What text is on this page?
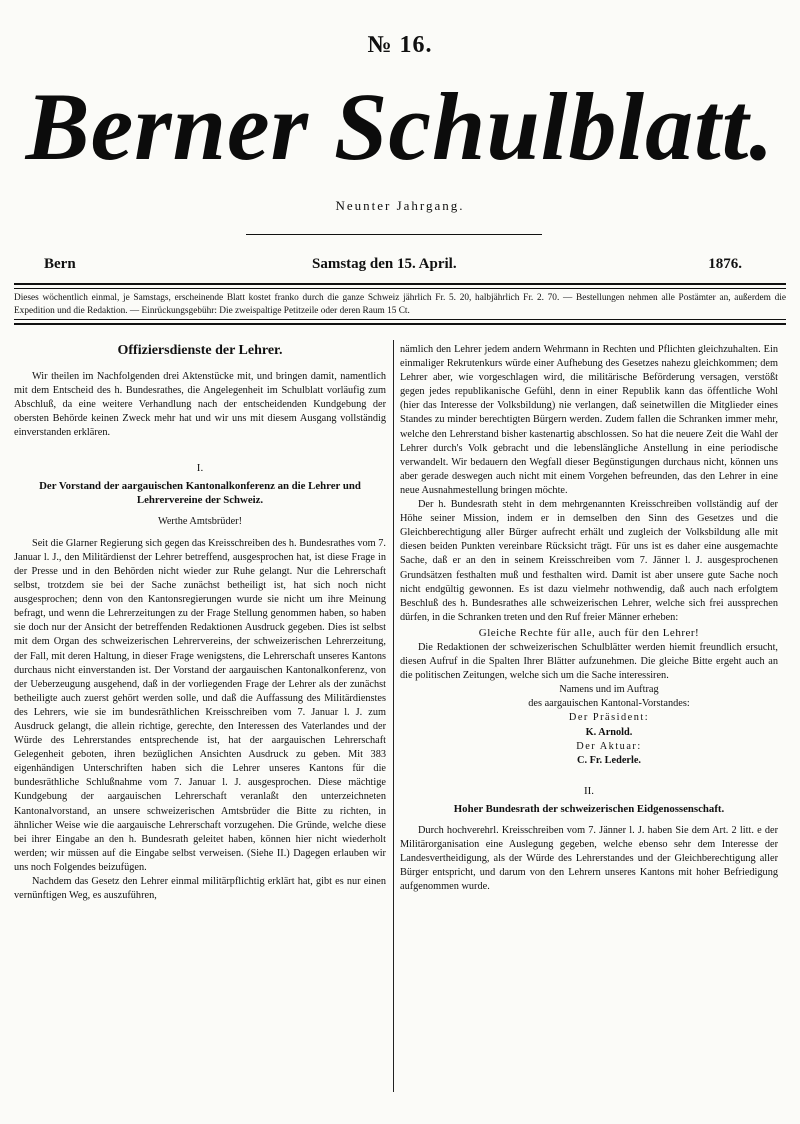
№ 16.
Berner Schulblatt.
Neunter Jahrgang.
Bern	Samstag den 15. April.	1876.
Dieses wöchentlich einmal, je Samstags, erscheinende Blatt kostet franko durch die ganze Schweiz jährlich Fr. 5. 20, halbjährlich Fr. 2. 70. — Bestellungen nehmen alle Postämter an, außerdem die Expedition und die Redaktion. — Einrückungsgebühr: Die zweispaltige Petitzeile oder deren Raum 15 Ct.
Offiziersdienste der Lehrer.

Wir theilen im Nachfolgenden drei Aktenstücke mit, und bringen damit, namentlich mit dem Entscheid des h. Bundesrathes, die Angelegenheit im Schulblatt vorläufig zum Abschluß, da eine weitere Verhandlung nach der entscheidenden Kundgebung der obersten Behörde keinen Zweck mehr hat und wir uns mit diesem Ausgang vollständig einverstanden erklären.

I.
Der Vorstand der aargauischen Kantonalkonferenz an die Lehrer und Lehrervereine der Schweiz.
Werthe Amtsbrüder!

Seit die Glarner Regierung sich gegen das Kreisschreiben des h. Bundesrathes vom 7. Januar l. J., den Militärdienst der Lehrer betreffend, ausgesprochen hat, ist diese Frage in der Presse und in den Behörden nicht wieder zur Ruhe gelangt. Nur die Lehrerschaft selbst, trotzdem sie bei der Sache zunächst betheiligt ist, hat sich noch nicht ausgesprochen; denn von den Kantonsregierungen wurde sie nicht um ihre Meinung befragt, und wenn die Lehrerzeitungen zu der Frage Stellung genommen haben, so haben sie doch nur der Ansicht der betreffenden Redaktionen Ausdruck gegeben. Dies ist selbst mit dem Organ des schweizerischen Lehrervereins, der schweizerischen Lehrerzeitung, der Fall, mit deren Haltung, in dieser Frage wenigstens, die Lehrerschaft unseres Kantons durchaus nicht einverstanden ist. Der Vorstand der aargauischen Kantonalkonferenz, von der Ueberzeugung ausgehend, daß in der vorliegenden Frage der Lehrer als der zunächst betheiligte auch zuerst gehört werden solle, und daß die Auffassung des Militärdienstes des Lehrers, wie sie im bundesräthlichen Kreisschreiben vom 7. Januar l. J. zum Ausdruck gelangt, die allein richtige, gerechte, den Interessen des Vaterlandes und der Würde des Lehrerstandes entsprechende ist, hat der aargauischen Lehrerschaft Gelegenheit geboten, ihren bezüglichen Ansichten Ausdruck zu geben. Mit 383 eigenhändigen Unterschriften haben sich die Lehrer unseres Kantons für die bundesräthliche Schlußnahme vom 7. Januar l. J. ausgesprochen. Diese mächtige Kundgebung der aargauischen Lehrerschaft veranlaßt den unterzeichneten Kantonalvorstand, an unsere schweizerischen Amtsbrüder die Bitte zu richten, in ähnlicher Weise wie die aargauische Lehrerschaft vorzugehen. Die Gründe, welche diese bei ihrer Eingabe an den h. Bundesrath geleitet haben, können hier nicht wiederholt werden; wir müssen auf die Eingabe selbst verweisen. (Siehe II.) Dagegen erlauben wir uns noch Folgendes beizufügen.

Nachdem das Gesetz den Lehrer einmal militärpflichtig erklärt hat, gibt es nur einen vernünftigen Weg, es auszuführen,

nämlich den Lehrer jedem andern Wehrmann in Rechten und Pflichten gleichzuhalten. Ein einmaliger Rekrutenkurs würde einer Aufhebung des Gesetzes nahezu gleichkommen; dem Lehrer aber, wie vorgeschlagen wird, die militärische Beförderung versagen, verstößt gegen jedes republikanische Gefühl, denn in einer Republik kann das öffentliche Wohl (hier das Interesse der Volksbildung) nie verlangen, daß seinetwillen die Mitglieder eines Standes zu minder berechtigten Bürgern werden. Zudem fallen die Schranken immer mehr, welche den Lehrerstand bisher kastenartig abschlossen. So hat die neuere Zeit die Wahl der Lehrer durch's Volk gebracht und die lebenslängliche Anstellung in eine periodische verwandelt. Wir bedauern den Wegfall dieser Begünstigungen durchaus nicht, können uns aber gerade deswegen auch nicht mit einem Vorgehen befreunden, das den Lehrer in eine neue Ausnahmestellung bringen möchte.

Der h. Bundesrath steht in dem mehrgenannten Kreisschreiben vollständig auf der Höhe seiner Mission, indem er in demselben den Sinn des Gesetzes und die Gleichberechtigung aller Bürger aufrecht erhält und zugleich der Volksbildung alle mit diesen beiden Punkten vereinbare Rücksicht trägt. Für uns ist es daher eine ausgemachte Sache, daß er an den in seinem Kreisschreiben vom 7. Jänner l. J. ausgesprochenen Grundsätzen festhalten muß und festhalten wird. Damit ist aber unsere gute Sache noch nicht endgültig gewonnen. Es ist dazu vielmehr nothwendig, daß auch nach erfolgtem Beschluß des h. Bundesrathes alle schweizerischen Lehrer, welche sich frei aussprechen dürfen, in die Schranken treten und den Ruf freier Männer erheben:

Gleiche Rechte für alle, auch für den Lehrer!

Die Redaktionen der schweizerischen Schulblätter werden hiemit freundlich ersucht, diesen Aufruf in die Spalten Ihrer Blätter aufzunehmen. Die gleiche Bitte ergeht auch an die politischen Zeitungen, welche sich um die Sache interessiren.

Namens und im Auftrag
des aargauischen Kantonal-Vorstandes:
Der Präsident:
K. Arnold.
Der Aktuar:
C. Fr. Lederle.
II.
Hoher Bundesrath der schweizerischen Eidgenossenschaft.

Durch hochverehrl. Kreisschreiben vom 7. Jänner l. J. haben Sie dem Art. 2 litt. e der Militärorganisation eine Auslegung gegeben, welche ebenso sehr dem Interesse der Landesvertheidigung, als der Würde des Lehrerstandes und der Gleichberechtigung aller Bürger entspricht, und darum von den Lehrern unseres Kantons mit hoher Befriedigung aufgenommen wurde.
